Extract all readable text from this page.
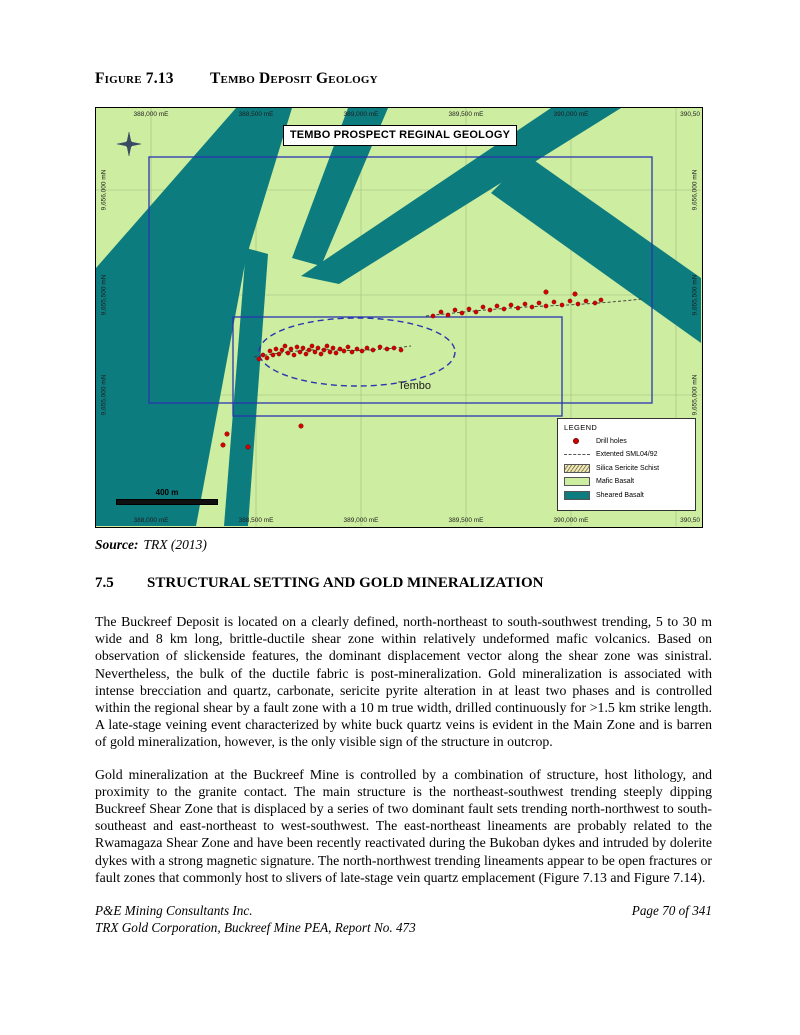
Figure 7.13 Tembo Deposit Geology
TEMBO PROSPECT REGINAL GEOLOGY
388,000 mE	388,500 mE	389,000 mE	389,500 mE	390,000 mE	390,50
388,000 mE	388,500 mE	389,000 mE	389,500 mE	390,000 mE	390,50
9,656,000 mN
9,655,500 mN
9,655,000 mN
9,656,000 mN
9,655,500 mN
9,655,000 mN
Tembo
400 m
LEGEND
Drill holes
Extented SML04/92
Silica Sericite Schist
Mafic Basalt
Sheared Basalt
Source: TRX (2013)
7.5 STRUCTURAL SETTING AND GOLD MINERALIZATION

The Buckreef Deposit is located on a clearly defined, north-northeast to south-southwest trending, 5 to 30 m wide and 8 km long, brittle-ductile shear zone within relatively undeformed mafic volcanics. Based on observation of slickenside features, the dominant displacement vector along the shear zone was sinistral. Nevertheless, the bulk of the ductile fabric is post-mineralization. Gold mineralization is associated with intense brecciation and quartz, carbonate, sericite pyrite alteration in at least two phases and is controlled within the regional shear by a fault zone with a 10 m true width, drilled continuously for >1.5 km strike length. A late-stage veining event characterized by white buck quartz veins is evident in the Main Zone and is barren of gold mineralization, however, is the only visible sign of the structure in outcrop.

Gold mineralization at the Buckreef Mine is controlled by a combination of structure, host lithology, and proximity to the granite contact. The main structure is the northeast-southwest trending steeply dipping Buckreef Shear Zone that is displaced by a series of two dominant fault sets trending north-northwest to south-southeast and east-northeast to west-southwest. The east-northeast lineaments are probably related to the Rwamagaza Shear Zone and have been recently reactivated during the Bukoban dykes and intruded by dolerite dykes with a strong magnetic signature. The north-northwest trending lineaments appear to be open fractures or fault zones that commonly host to slivers of late-stage vein quartz emplacement (Figure 7.13 and Figure 7.14).

P&E Mining Consultants Inc.
TRX Gold Corporation, Buckreef Mine PEA, Report No. 473
Page 70 of 341
